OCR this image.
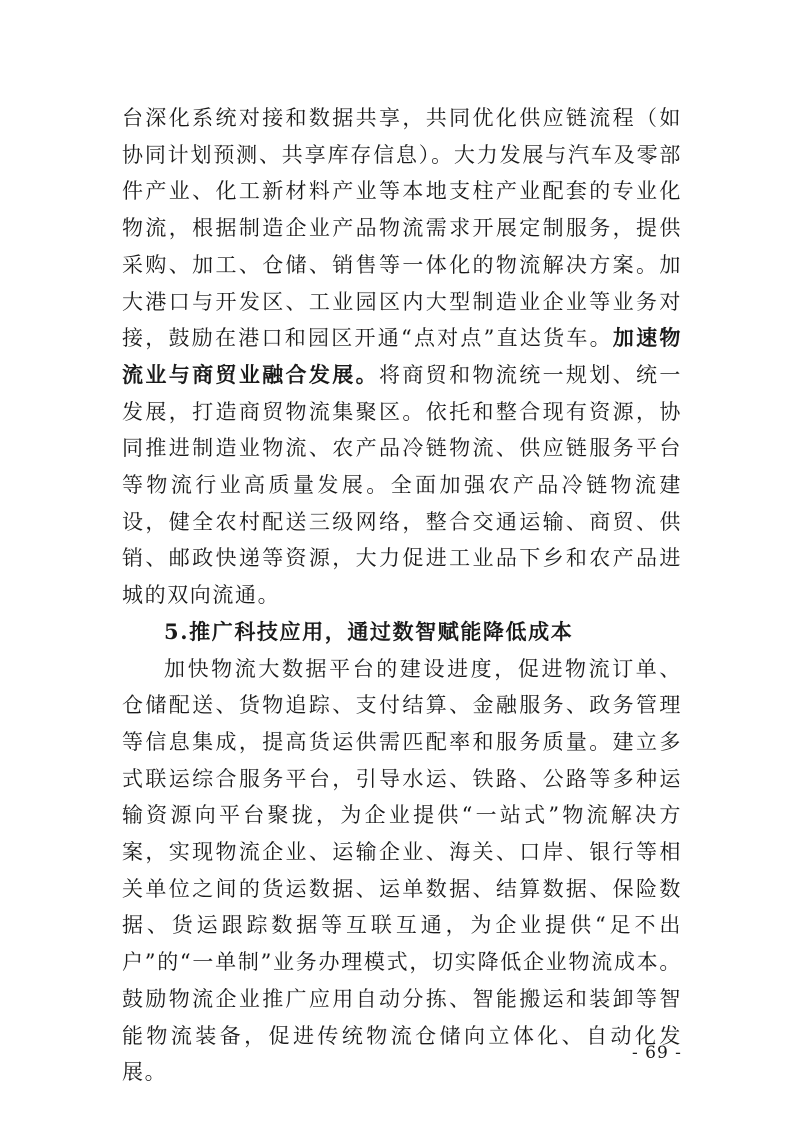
台深化系统对接和数据共享，共同优化供应链流程（如协同计划预测、共享库存信息）。大力发展与汽车及零部件产业、化工新材料产业等本地支柱产业配套的专业化物流，根据制造企业产品物流需求开展定制服务，提供采购、加工、仓储、销售等一体化的物流解决方案。加大港口与开发区、工业园区内大型制造业企业等业务对接，鼓励在港口和园区开通“点对点”直达货车。加速物流业与商贸业融合发展。将商贸和物流统一规划、统一发展，打造商贸物流集聚区。依托和整合现有资源，协同推进制造业物流、农产品冷链物流、供应链服务平台等物流行业高质量发展。全面加强农产品冷链物流建设，健全农村配送三级网络，整合交通运输、商贸、供销、邮政快递等资源，大力促进工业品下乡和农产品进城的双向流通。

5.推广科技应用，通过数智赋能降低成本

加快物流大数据平台的建设进度，促进物流订单、仓储配送、货物追踪、支付结算、金融服务、政务管理等信息集成，提高货运供需匹配率和服务质量。建立多式联运综合服务平台，引导水运、铁路、公路等多种运输资源向平台聚拢，为企业提供“一站式”物流解决方案，实现物流企业、运输企业、海关、口岸、银行等相关单位之间的货运数据、运单数据、结算数据、保险数据、货运跟踪数据等互联互通，为企业提供“足不出户”的“一单制”业务办理模式，切实降低企业物流成本。鼓励物流企业推广应用自动分拣、智能搬运和装卸等智能物流装备，促进传统物流仓储向立体化、自动化发展。

- 69 -
